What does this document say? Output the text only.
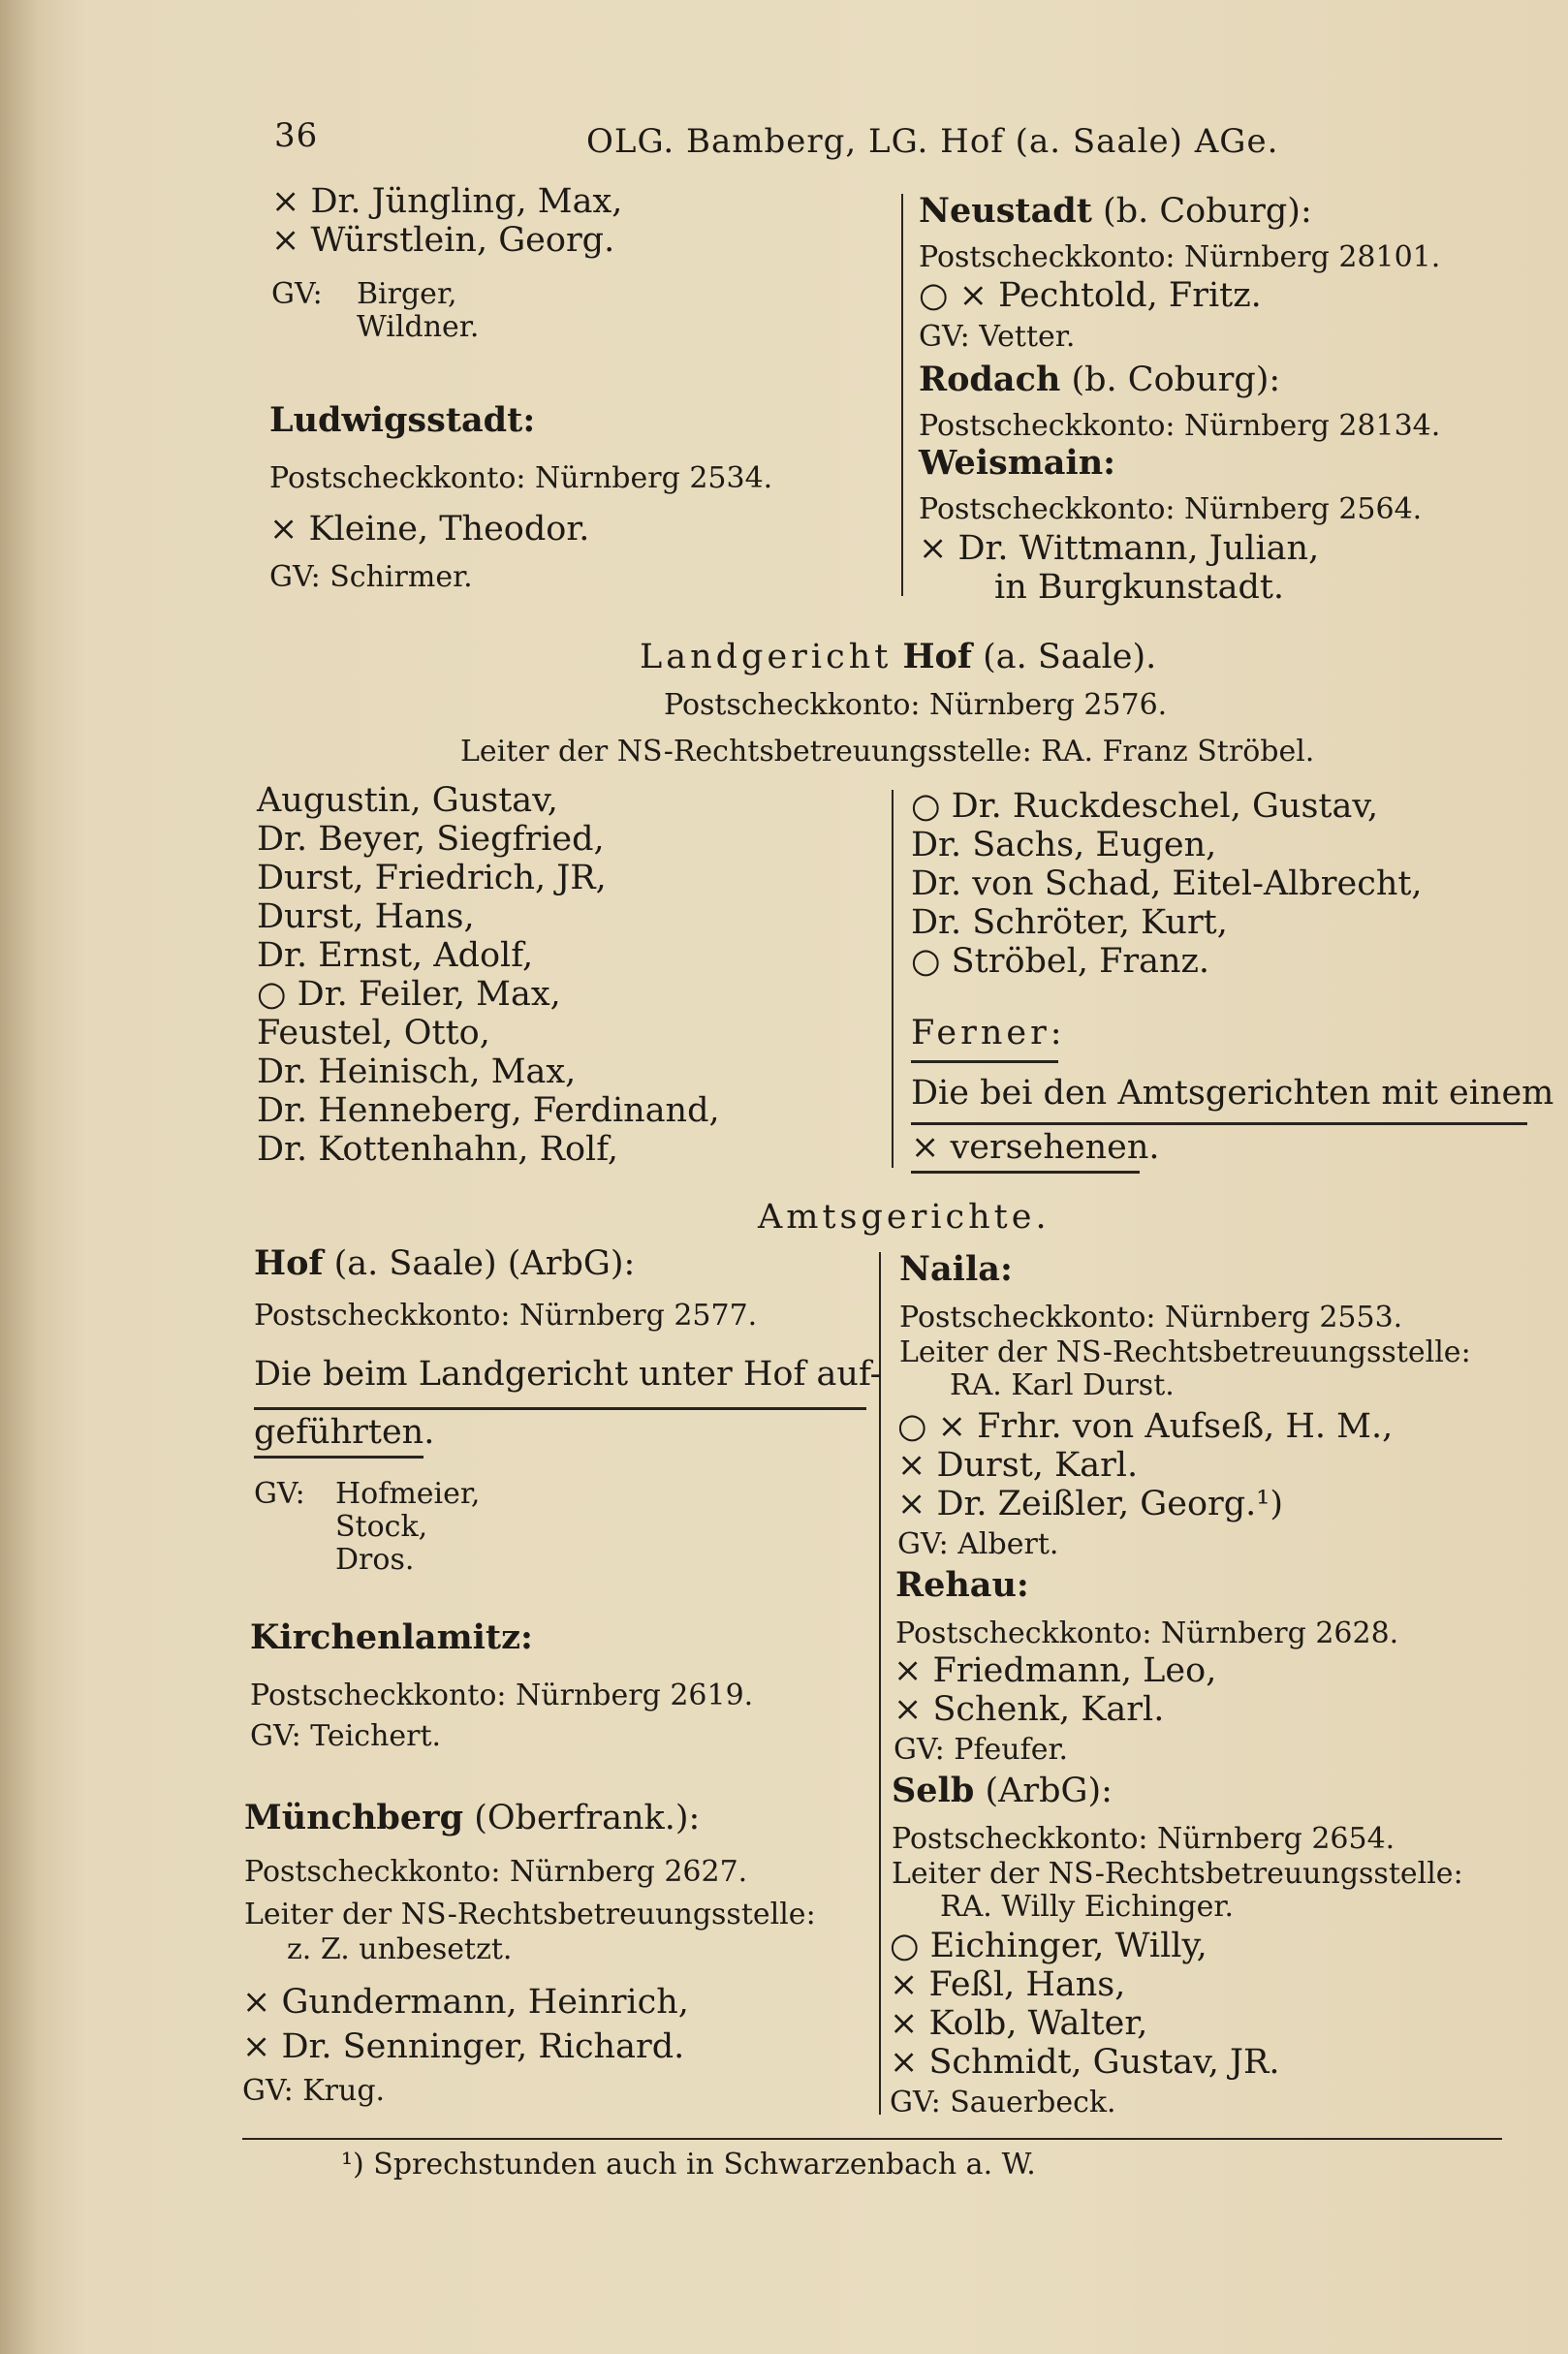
36	OLG. Bamberg, LG. Hof (a. Saale) AGe.
× Dr. Jüngling, Max,
× Würstlein, Georg.
GV: Birger,
Wildner.
Ludwigsstadt:
Postscheckkonto: Nürnberg 2534.
× Kleine, Theodor.
GV: Schirmer.
Neustadt (b. Coburg):
Postscheckkonto: Nürnberg 28101.
○ × Pechtold, Fritz.
GV: Vetter.
Rodach (b. Coburg):
Postscheckkonto: Nürnberg 28134.
Weismain:
Postscheckkonto: Nürnberg 2564.
× Dr. Wittmann, Julian,
in Burgkunstadt.
Landgericht Hof (a. Saale).
Postscheckkonto: Nürnberg 2576.
Leiter der NS-Rechtsbetreuungsstelle: RA. Franz Ströbel.
Augustin, Gustav,
Dr. Beyer, Siegfried,
Durst, Friedrich, JR,
Durst, Hans,
Dr. Ernst, Adolf,
○ Dr. Feiler, Max,
Feustel, Otto,
Dr. Heinisch, Max,
Dr. Henneberg, Ferdinand,
Dr. Kottenhahn, Rolf,
○ Dr. Ruckdeschel, Gustav,
Dr. Sachs, Eugen,
Dr. von Schad, Eitel-Albrecht,
Dr. Schröter, Kurt,
○ Ströbel, Franz.
Ferner:
Die bei den Amtsgerichten mit einem
× versehenen.
Amtsgerichte.
Hof (a. Saale) (ArbG):
Postscheckkonto: Nürnberg 2577.
Die beim Landgericht unter Hof auf-
geführten.
GV: Hofmeier,
Stock,
Dros.
Kirchenlamitz:
Postscheckkonto: Nürnberg 2619.
GV: Teichert.
Münchberg (Oberfrank.):
Postscheckkonto: Nürnberg 2627.
Leiter der NS-Rechtsbetreuungsstelle:
z. Z. unbesetzt.
× Gundermann, Heinrich,
× Dr. Senninger, Richard.
GV: Krug.
Naila:
Postscheckkonto: Nürnberg 2553.
Leiter der NS-Rechtsbetreuungsstelle:
RA. Karl Durst.
○ × Frhr. von Aufseß, H. M.,
× Durst, Karl.
× Dr. Zeißler, Georg.¹)
GV: Albert.
Rehau:
Postscheckkonto: Nürnberg 2628.
× Friedmann, Leo,
× Schenk, Karl.
GV: Pfeufer.
Selb (ArbG):
Postscheckkonto: Nürnberg 2654.
Leiter der NS-Rechtsbetreuungsstelle:
RA. Willy Eichinger.
○ Eichinger, Willy,
× Feßl, Hans,
× Kolb, Walter,
× Schmidt, Gustav, JR.
GV: Sauerbeck.
¹) Sprechstunden auch in Schwarzenbach a. W.
